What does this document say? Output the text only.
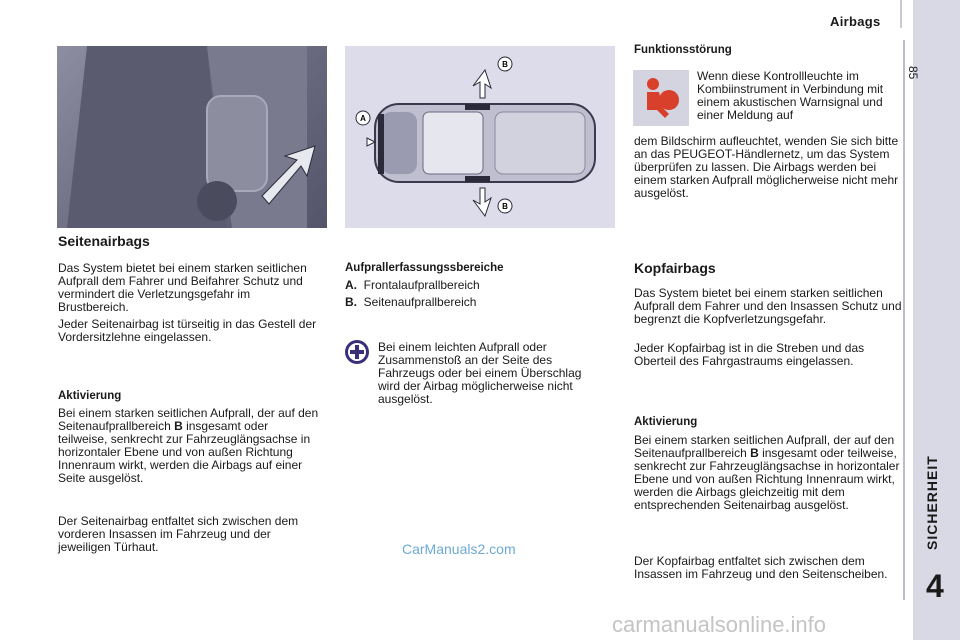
Airbags
85
SICHERHEIT
4
A
B
B
Seitenairbags

Das System bietet bei einem starken seitlichen Aufprall dem Fahrer und Beifahrer Schutz und vermindert die Verletzungsgefahr im Brustbereich.

Jeder Seitenairbag ist türseitig in das Gestell der Vordersitzlehne eingelassen.

Aktivierung

Bei einem starken seitlichen Aufprall, der auf den Seitenaufprallbereich B insgesamt oder teilweise, senkrecht zur Fahrzeuglängsachse in horizontaler Ebene und von außen Richtung Innenraum wirkt, werden die Airbags auf einer Seite ausgelöst.

Der Seitenairbag entfaltet sich zwischen dem vorderen Insassen im Fahrzeug und der jeweiligen Türhaut.

Aufprallerfassungssbereiche

A. Frontalaufprallbereich

B. Seitenaufprallbereich

Bei einem leichten Aufprall oder Zusammenstoß an der Seite des Fahrzeugs oder bei einem Überschlag wird der Airbag möglicherweise nicht ausgelöst.

Funktionsstörung

Wenn diese Kontrollleuchte im Kombiinstrument in Verbindung mit einem akustischen Warnsignal und einer Meldung auf

dem Bildschirm aufleuchtet, wenden Sie sich bitte an das PEUGEOT-Händlernetz, um das System überprüfen zu lassen. Die Airbags werden bei einem starken Aufprall möglicherweise nicht mehr ausgelöst.

Kopfairbags

Das System bietet bei einem starken seitlichen Aufprall dem Fahrer und den Insassen Schutz und begrenzt die Kopfverletzungsgefahr.

Jeder Kopfairbag ist in die Streben und das Oberteil des Fahrgastraums eingelassen.

Aktivierung

Bei einem starken seitlichen Aufprall, der auf den Seitenaufprallbereich B insgesamt oder teilweise, senkrecht zur Fahrzeuglängsachse in horizontaler Ebene und von außen Richtung Innenraum wirkt, werden die Airbags gleichzeitig mit dem entsprechenden Seitenairbag ausgelöst.

Der Kopfairbag entfaltet sich zwischen dem Insassen im Fahrzeug und den Seitenscheiben.

CarManuals2.com
carmanualsonline.info
